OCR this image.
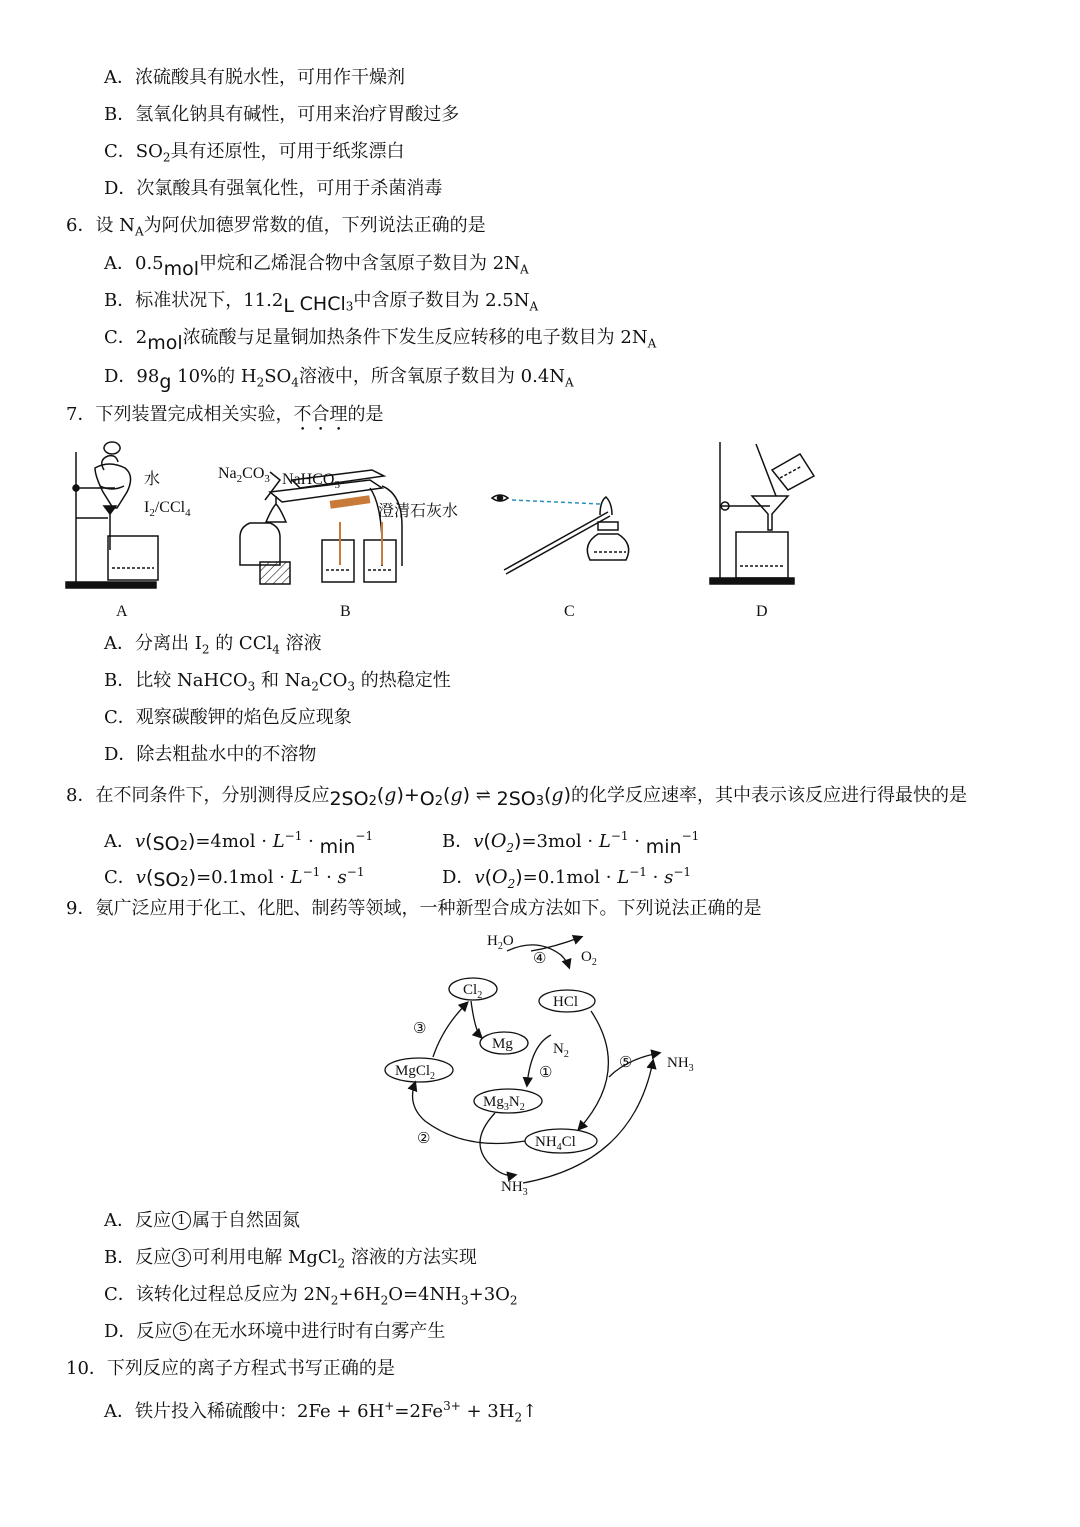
A．浓硫酸具有脱水性，可用作干燥剂
B．氢氧化钠具有碱性，可用来治疗胃酸过多
C．$SO_2$具有还原性，可用于纸浆漂白
D．次氯酸具有强氧化性，可用于杀菌消毒
6．设 $N_A$为阿伏加德罗常数的值，下列说法正确的是
A．0.5mol甲烷和乙烯混合物中含氢原子数目为 $2N_A$
B．标准状况下，11.2L CHCl$_3$中含原子数目为 $2.5N_A$
C．2mol浓硫酸与足量铜加热条件下发生反应转移的电子数目为 $2N_A$
D．98g 10%的 $H_2SO_4$溶液中，所含氧原子数目为 $0.4N_A$
7．下列装置完成相关实验，不合理的是
水
$I_2/CCl_4$
$Na_2CO_3$ NaHCO$_3$
澄清石灰水
A	B	C	D
A．分离出 $I_2$ 的 CCl$_4$ 溶液
B．比较 NaHCO$_3$ 和 $Na_2CO_3$ 的热稳定性
C．观察碳酸钾的焰色反应现象
D．除去粗盐水中的不溶物
8．在不同条件下，分别测得反应2SO2(g)+O2(g) ⇌ 2SO3(g)的化学反应速率，其中表示该反应进行得最快的是
A．$v(SO2)=4mol \cdot L^{-1} \cdot \min^{-1}$	B．$v(O_2)=3mol \cdot L^{-1} \cdot \min^{-1}$
C．$v(SO2)=0.1mol \cdot L^{-1} \cdot s^{-1}$	D．$v(O_2)=0.1mol \cdot L^{-1} \cdot s^{-1}$
9．氨广泛应用于化工、化肥、制药等领域，一种新型合成方法如下。下列说法正确的是
$H_2O$
$O_2$
④
$Cl_2$	HCl
③
Mg	$N_2$
⑤ $NH_3$
MgCl$_2$	①
$Mg_3N_2$
②	$NH_4Cl$
$NH_3$
A．反应 1 属于自然固氮
B．反应 3 可利用电解 MgCl$_2$ 溶液的方法实现
C．该转化过程总反应为 $2N_2+6H_2O=4NH_3+3O_2$
D．反应 5 在无水环境中进行时有白雾产生
10．下列反应的离子方程式书写正确的是
A．铁片投入稀硫酸中：$2Fe + 6H^+=2Fe^{3+}$ + $3H_2↑$
